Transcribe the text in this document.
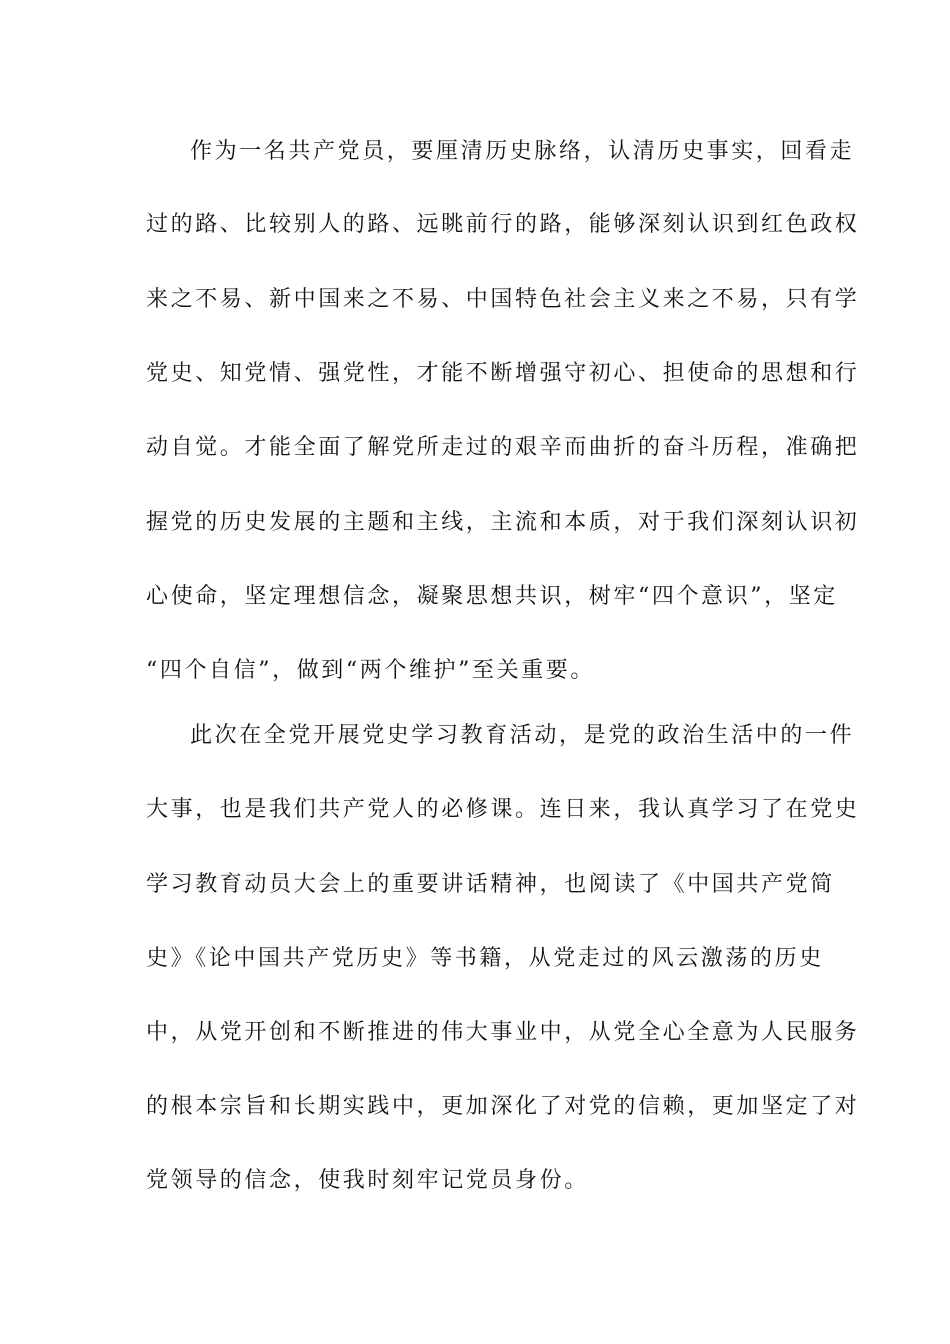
作为一名共产党员，要厘清历史脉络，认清历史事实，回看走

过的路、比较别人的路、远眺前行的路，能够深刻认识到红色政权

来之不易、新中国来之不易、中国特色社会主义来之不易，只有学

党史、知党情、强党性，才能不断增强守初心、担使命的思想和行

动自觉。才能全面了解党所走过的艰辛而曲折的奋斗历程，准确把

握党的历史发展的主题和主线，主流和本质，对于我们深刻认识初

心使命，坚定理想信念，凝聚思想共识，树牢“四个意识”，坚定

“四个自信”，做到“两个维护”至关重要。

此次在全党开展党史学习教育活动，是党的政治生活中的一件

大事，也是我们共产党人的必修课。连日来，我认真学习了在党史

学习教育动员大会上的重要讲话精神，也阅读了《中国共产党简

史》《论中国共产党历史》等书籍，从党走过的风云激荡的历史

中，从党开创和不断推进的伟大事业中，从党全心全意为人民服务

的根本宗旨和长期实践中，更加深化了对党的信赖，更加坚定了对

党领导的信念，使我时刻牢记党员身份。
